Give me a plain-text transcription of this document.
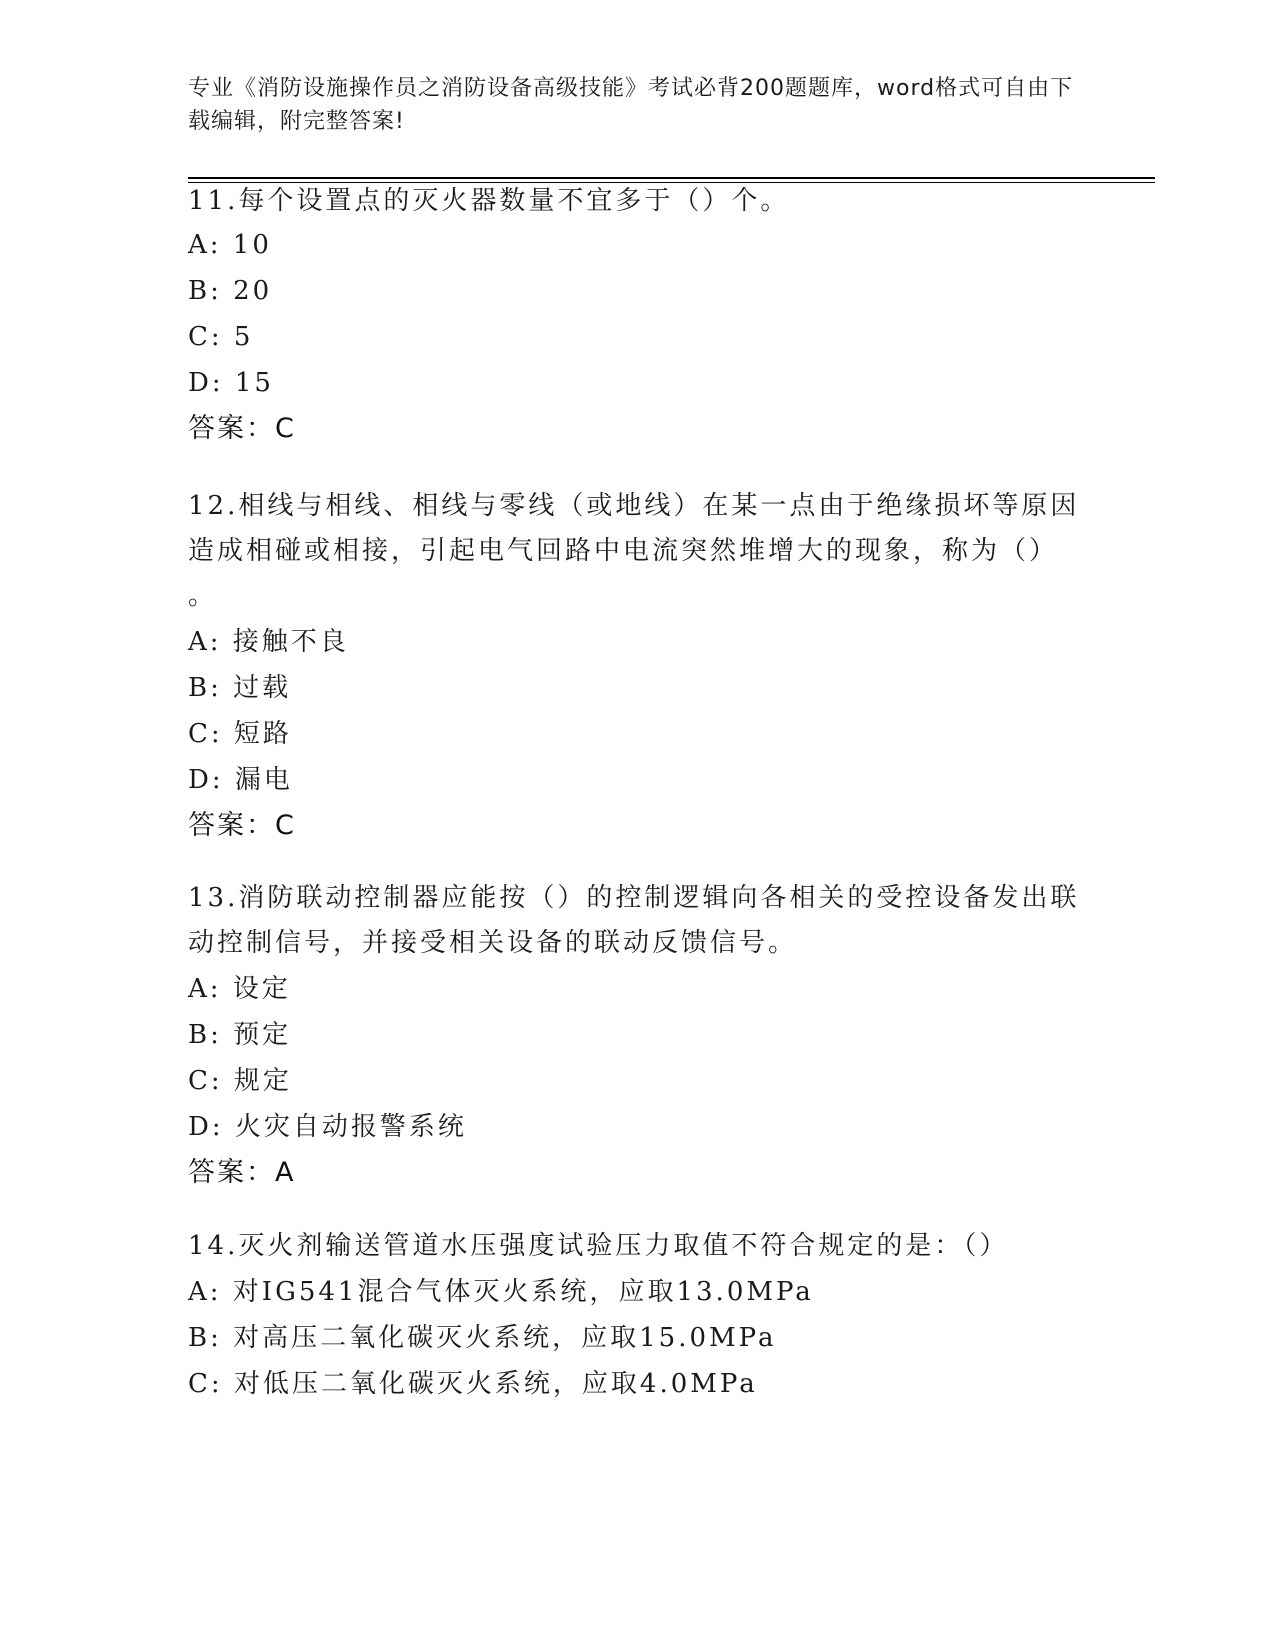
专业《消防设施操作员之消防设备高级技能》考试必背200题题库，word格式可自由下载编辑，附完整答案!
11.每个设置点的灭火器数量不宜多于（）个。
A: 10
B: 20
C: 5
D: 15
答案：C
12.相线与相线、相线与零线（或地线）在某一点由于绝缘损坏等原因造成相碰或相接，引起电气回路中电流突然堆增大的现象，称为（）
。
A: 接触不良
B: 过载
C: 短路
D: 漏电
答案：C
13.消防联动控制器应能按（）的控制逻辑向各相关的受控设备发出联动控制信号，并接受相关设备的联动反馈信号。
A: 设定
B: 预定
C: 规定
D: 火灾自动报警系统
答案：A
14.灭火剂输送管道水压强度试验压力取值不符合规定的是：（）
A: 对IG541混合气体灭火系统，应取13.0MPa
B: 对高压二氧化碳灭火系统，应取15.0MPa
C: 对低压二氧化碳灭火系统，应取4.0MPa
